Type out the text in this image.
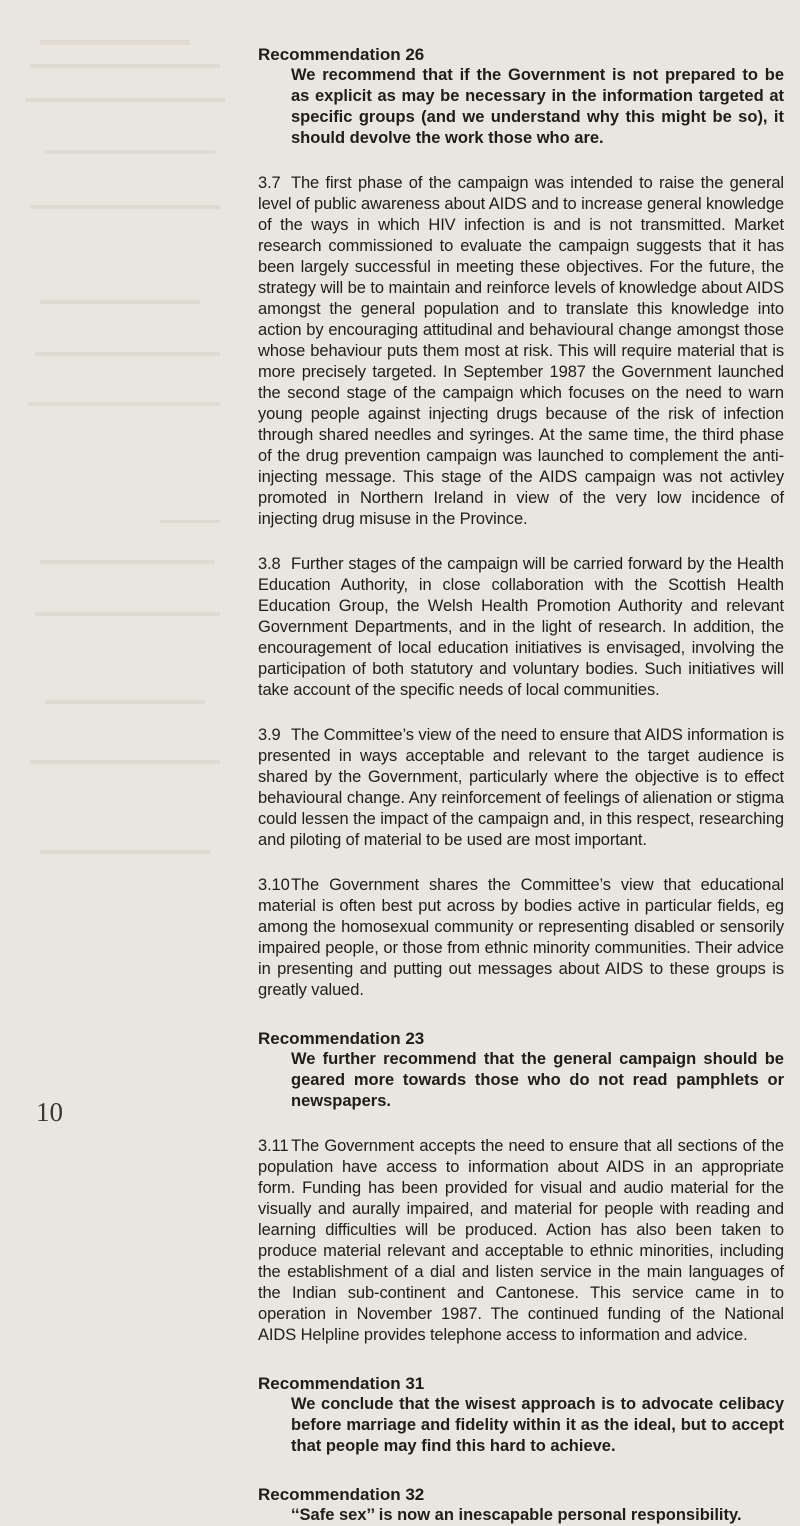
Recommendation 26

We recommend that if the Government is not prepared to be as explicit as may be necessary in the information targeted at specific groups (and we understand why this might be so), it should devolve the work those who are.

3.7 The first phase of the campaign was intended to raise the general level of public awareness about AIDS and to increase general knowledge of the ways in which HIV infection is and is not transmitted. Market research commissioned to evaluate the campaign suggests that it has been largely successful in meeting these objectives. For the future, the strategy will be to maintain and reinforce levels of knowledge about AIDS amongst the general population and to translate this knowledge into action by encouraging attitudinal and behavioural change amongst those whose behaviour puts them most at risk. This will require material that is more precisely targeted. In September 1987 the Government launched the second stage of the campaign which focuses on the need to warn young people against injecting drugs because of the risk of infection through shared needles and syringes. At the same time, the third phase of the drug prevention campaign was launched to complement the anti-injecting message. This stage of the AIDS campaign was not activley promoted in Northern Ireland in view of the very low incidence of injecting drug misuse in the Province.

3.8 Further stages of the campaign will be carried forward by the Health Education Authority, in close collaboration with the Scottish Health Education Group, the Welsh Health Promotion Authority and relevant Government Departments, and in the light of research. In addition, the encouragement of local education initiatives is envisaged, involving the participation of both statutory and voluntary bodies. Such initiatives will take account of the specific needs of local communities.

3.9 The Committee’s view of the need to ensure that AIDS information is presented in ways acceptable and relevant to the target audience is shared by the Government, particularly where the objective is to effect behavioural change. Any reinforcement of feelings of alienation or stigma could lessen the impact of the campaign and, in this respect, researching and piloting of material to be used are most important.

3.10The Government shares the Committee’s view that educational material is often best put across by bodies active in particular fields, eg among the homosexual community or representing disabled or sensorily impaired people, or those from ethnic minority communities. Their advice in presenting and putting out messages about AIDS to these groups is greatly valued.

Recommendation 23

We further recommend that the general campaign should be geared more towards those who do not read pamphlets or newspapers.

3.11 The Government accepts the need to ensure that all sections of the population have access to information about AIDS in an appropriate form. Funding has been provided for visual and audio material for the visually and aurally impaired, and material for people with reading and learning difficulties will be produced. Action has also been taken to produce material relevant and acceptable to ethnic minorities, including the establishment of a dial and listen service in the main languages of the Indian sub-continent and Cantonese. This service came in to operation in November 1987. The continued funding of the National AIDS Helpline provides telephone access to information and advice.

Recommendation 31

We conclude that the wisest approach is to advocate celibacy before marriage and fidelity within it as the ideal, but to accept that people may find this hard to achieve.

Recommendation 32

‘‘Safe sex’’ is now an inescapable personal responsibility.

10
